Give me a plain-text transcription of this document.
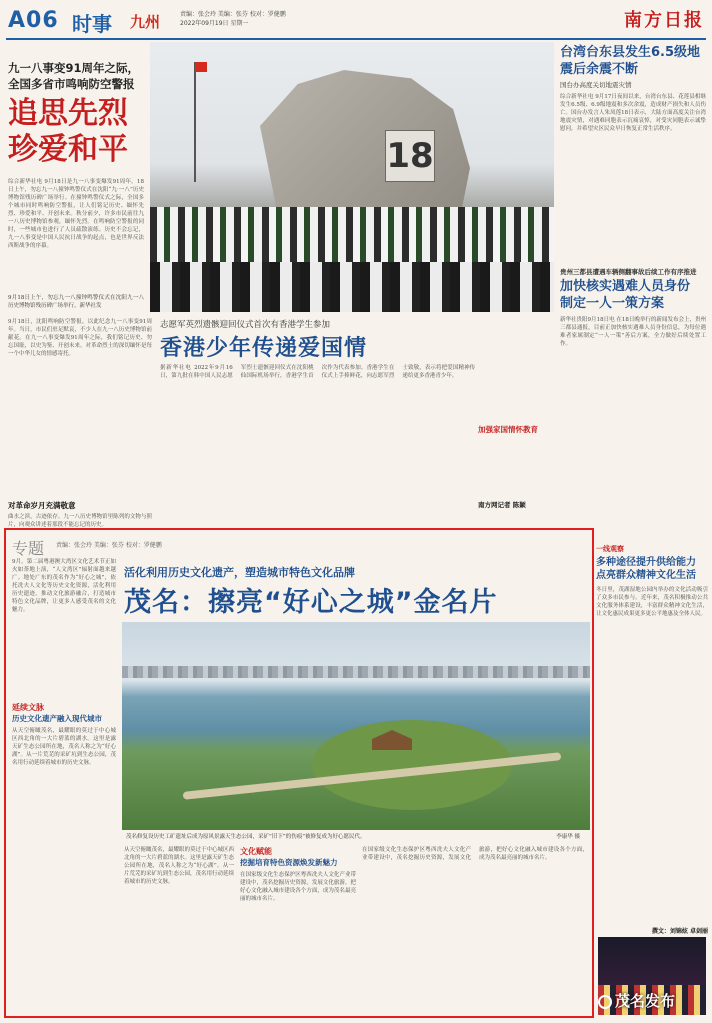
A06 时事 九州	责编：张会玲 美编：张芬 校对：罗健鹏
2022年09月19日 星期一	南方日报
九一八事变91周年之际，全国多省市鸣响防空警报
追思先烈 珍爱和平
综合新华社电 9月18日是九一八事变爆发91周年。18日上午，勿忘九一八撞钟鸣警仪式在沈阳“九·一八”历史博物馆残历碑广场举行。在撞钟鸣警仪式之际，全国多个城市同时鸣响防空警报，让人们铭记历史、缅怀先烈、珍爱和平、开创未来。秋分前夕，许多市民前往九一八历史博物馆参观，缅怀先烈。在鸣响防空警报的同时，一些城市也进行了人员疏散演练。历史不会忘记，九一八事变是中国人民抗日战争的起点，也是世界反法西斯战争的序幕。
9月18日上午，勿忘九一八撞钟鸣警仪式在沈阳九一八历史博物馆残历碑广场举行。新华社发
18
9月18日，沈阳鸣响防空警报，以此纪念九一八事变91周年。当日，市民们驻足默哀，不少人在九一八历史博物馆前献花。在九一八事变爆发91周年之际，我们铭记历史、勿忘国耻，以史为鉴、开创未来。对革命烈士的深切缅怀是每一个中华儿女的情感寄托。
对革命岁月充满敬意
曲水之滨，古迹依存。九一八历史博物馆里陈列的文物与照片，向观众讲述着那段不能忘记的历史。
志愿军英烈遗骸迎回仪式首次有香港学生参加
香港少年传递爱国情
据新华社电 2022年9月16日，第九批在韩中国人民志愿军烈士遗骸迎回仪式在沈阳桃仙国际机场举行，香港学生首次作为代表参加。香港学生在仪式上手捧鲜花，向志愿军烈士致敬，表示将把爱国精神传递给更多香港青少年。
加强家国情怀教育
南方网记者 陈颖
台湾台东县发生6.5级地震后余震不断
国台办高度关切地震灾情
综合新华社电 9月17日夜间以来，台湾台东县、花莲县相继发生6.5级、6.9级地震和多次余震，造成财产损失和人员伤亡。国台办发言人朱凤莲18日表示，大陆方面高度关注台湾地震灾情，对遇难同胞表示沉痛哀悼，对受灾同胞表示诚挚慰问，并希望灾区民众早日恢复正常生活秩序。
贵州三都县遭遇车辆侧翻事故后续工作有序推进
加快核实遇难人员身份 制定一人一策方案
新华社贵阳9月18日电 在18日晚举行的新闻发布会上，贵州三都县通报，目前正加快核实遇难人员身份信息，为每位遇难者家属制定“一人一策”善后方案，全力做好后续处置工作。
专题 责编：张会玲 美编：张芬 校对：罗健鹏
活化利用历史文化遗产，塑造城市特色文化品牌
茂名：擦亮“好心之城”金名片
9月，第二届粤港澳大湾区文化艺术节正如火如荼地上演，“人文湾区”辐射面越来越广。地处广东的茂名作为“好心之城”，依托冼夫人文化等历史文化资源，活化利用历史遗迹，推动文化旅游融合，打造城市特色文化品牌，让更多人感受茂名的文化魅力。
延续文脉
历史文化遗产融入现代城市
从天空俯瞰茂名，最耀眼的莫过于中心城区西北角的一大片碧蓝的湖水。这里是露天矿生态公园所在地，茂名人称之为“好心湖”。从一片荒芜的采矿坑到生态公园，茂名用行动延续着城市的历史文脉。
茂名修复设历史工矿遗址后成为原风景露天生态公园，采矿“旧下”的伤痕“被修复成为好心愿民代。	李康华 摄
从天空俯瞰茂名，最耀眼的莫过于中心城区西北角的一大片碧蓝的湖水。这里是露天矿生态公园所在地，茂名人称之为“好心湖”。从一片荒芜的采矿坑到生态公园，茂名用行动延续着城市的历史文脉。
文化赋能
挖掘培育特色资源焕发新魅力
在国家级文化生态保护区粤西冼夫人文化产业带建设中，茂名挖掘历史资源，发展文化旅游，把好心文化融入城市建设各个方面，成为茂名最亮丽的城市名片。
在国家级文化生态保护区粤西冼夫人文化产业带建设中，茂名挖掘历史资源，发展文化旅游，把好心文化融入城市建设各个方面，成为茂名最亮丽的城市名片。
一线观察
多种途径提升供给能力 点亮群众精神文化生活
冬日里，茂湖湿地公园内举办的文化活动吸引了众多市民参与。近年来，茂名积极推动公共文化服务体系建设，丰富群众精神文化生活，让文化惠民成果更多更公平地惠及全体人民。
撰文：刘锦炫 卓剑丽
茂名发布
